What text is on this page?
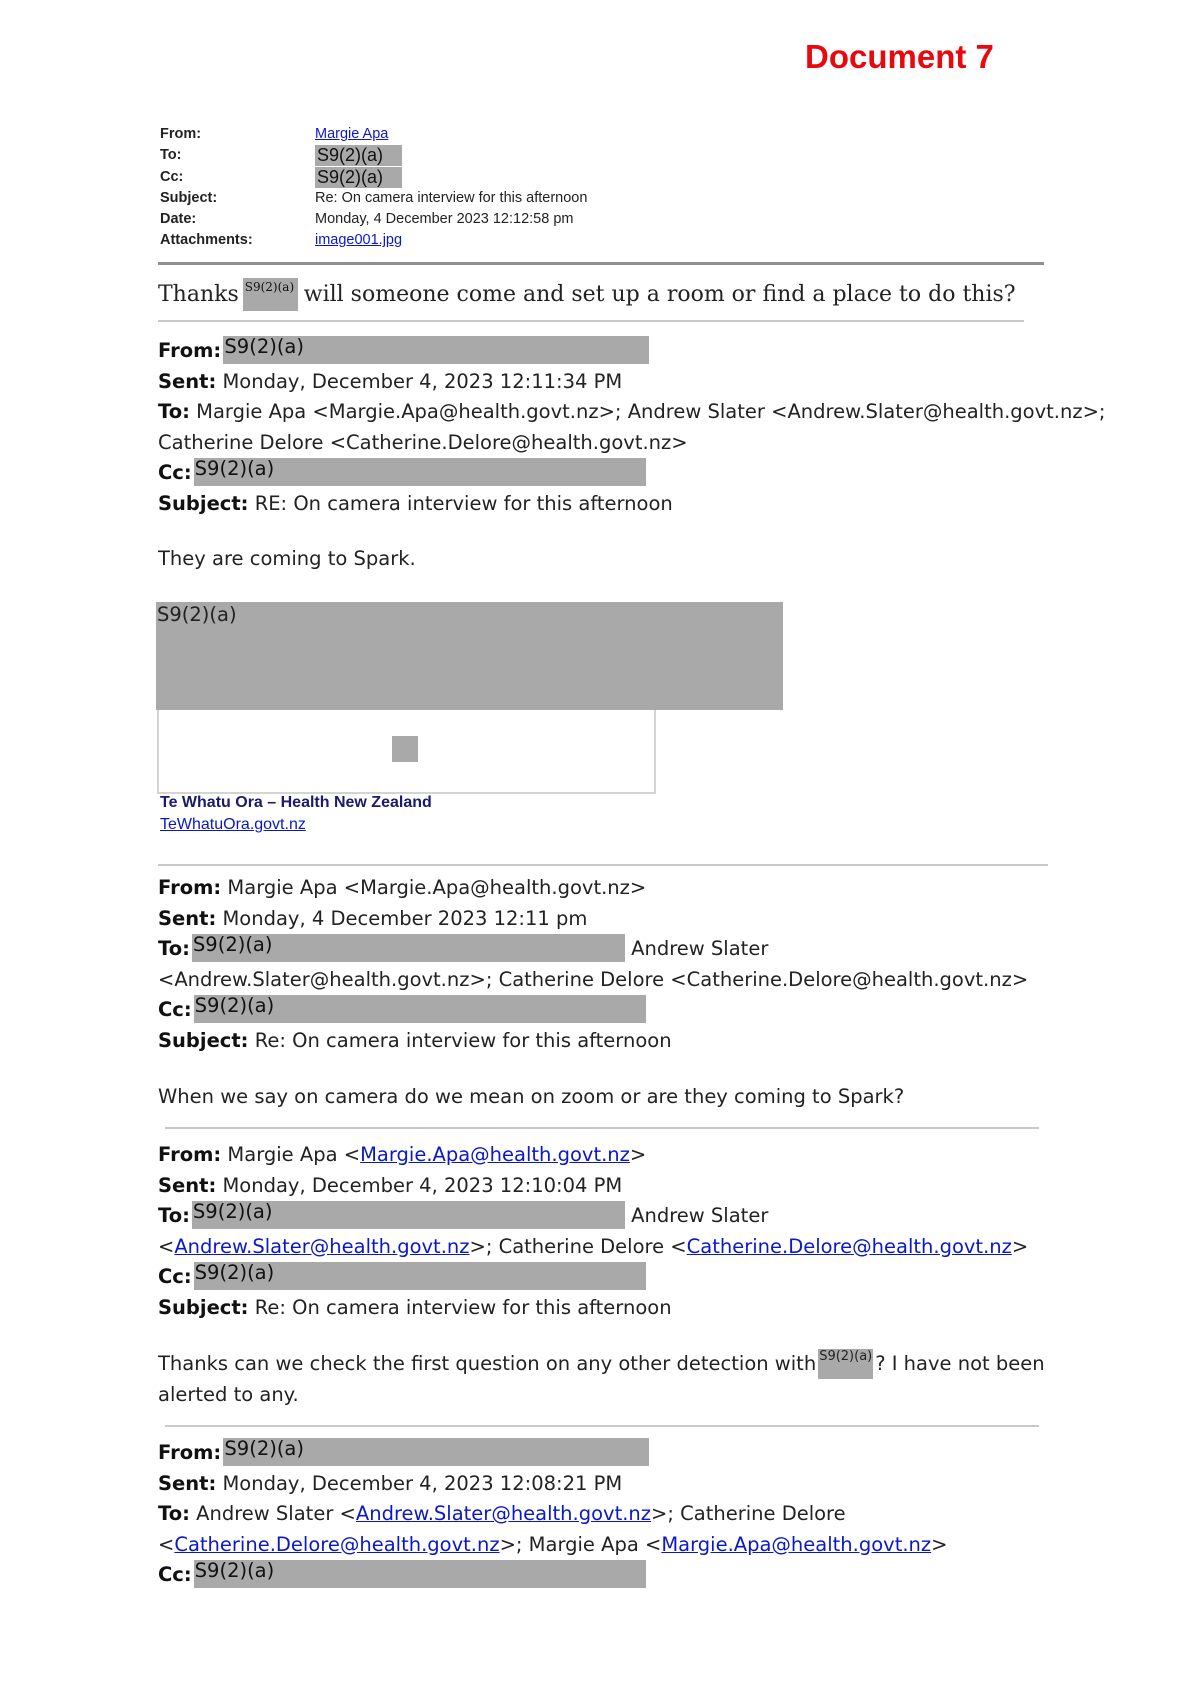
Document 7
From:	Margie Apa
To:	S9(2)(a)
Cc:	S9(2)(a)
Subject:	Re: On camera interview for this afternoon
Date:	Monday, 4 December 2023 12:12:58 pm
Attachments:	image001.jpg
Thanks S9(2)(a) will someone come and set up a room or find a place to do this?
From: S9(2)(a)
Sent: Monday, December 4, 2023 12:11:34 PM
To: Margie Apa <Margie.Apa@health.govt.nz>; Andrew Slater <Andrew.Slater@health.govt.nz>;
Catherine Delore <Catherine.Delore@health.govt.nz>
Cc: S9(2)(a)
Subject: RE: On camera interview for this afternoon
They are coming to Spark.
S9(2)(a)
Te Whatu Ora – Health New Zealand
TeWhatuOra.govt.nz
From: Margie Apa <Margie.Apa@health.govt.nz>
Sent: Monday, 4 December 2023 12:11 pm
To: S9(2)(a)	Andrew Slater
<Andrew.Slater@health.govt.nz>; Catherine Delore <Catherine.Delore@health.govt.nz>
Cc: S9(2)(a)
Subject: Re: On camera interview for this afternoon
When we say on camera do we mean on zoom or are they coming to Spark?
From: Margie Apa <Margie.Apa@health.govt.nz>
Sent: Monday, December 4, 2023 12:10:04 PM
To: S9(2)(a)	Andrew Slater
<Andrew.Slater@health.govt.nz>; Catherine Delore <Catherine.Delore@health.govt.nz>
Cc: S9(2)(a)
Subject: Re: On camera interview for this afternoon
Thanks can we check the first question on any other detection with S9(2)(a) ? I have not been
alerted to any.
From: S9(2)(a)
Sent: Monday, December 4, 2023 12:08:21 PM
To: Andrew Slater <Andrew.Slater@health.govt.nz>; Catherine Delore
<Catherine.Delore@health.govt.nz>; Margie Apa <Margie.Apa@health.govt.nz>
Cc: S9(2)(a)
